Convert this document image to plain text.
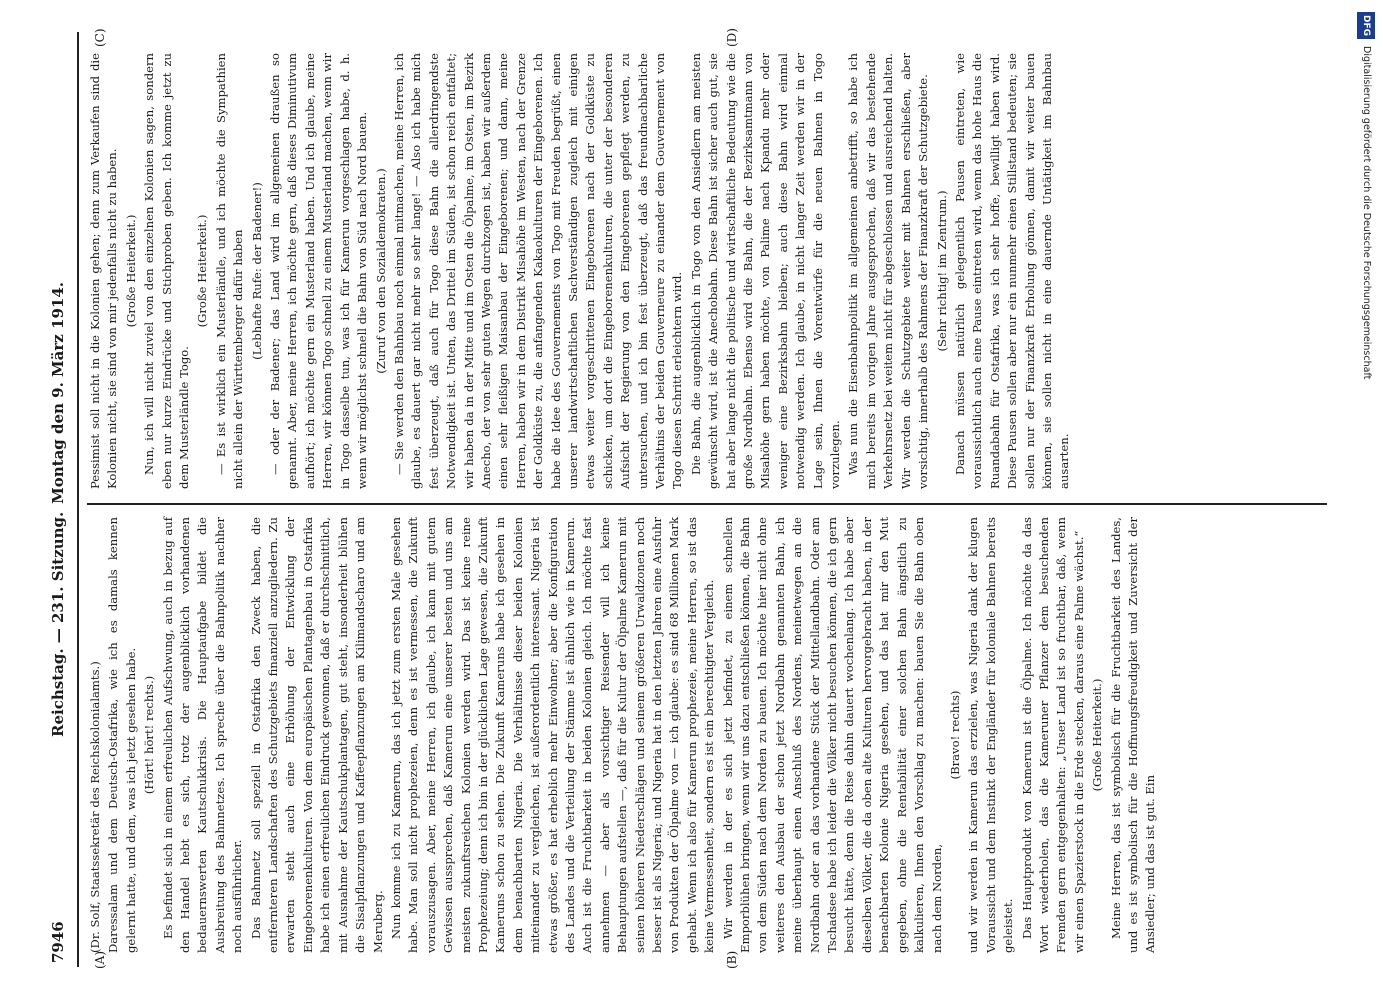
7946
Reichstag. — 231. Sitzung.
Montag den 9. März 1914.
(A)	(B)
(C)	(D)

(Dr. Solf, Staatssekretär des Reichskolonialamts.) Daressalam und dem Deutsch-Ostafrika, wie ich es damals kennen gelernt hatte, und dem, was ich jetzt gesehen habe. (Hört! hört! rechts.) Es befindet sich in einem erfreulichen Aufschwung, auch in bezug auf den Handel hebt es sich, trotz der augenblicklich vorhandenen bedauernswerten Kautschukkrisis. Die Hauptaufgabe bildet die Ausbreitung des Bahnnetzes. Ich spreche über die Bahnpolitik nachher noch ausführlicher. Das Bahnnetz soll speziell in Ostafrika den Zweck haben, die entfernteren Landschaften des Schutzgebiets finanziell anzugliedern. Zu erwarten steht auch eine Erhöhung der Entwicklung der Eingeborenenkulturen. Von dem europäischen Plantagenbau in Ostafrika habe ich einen erfreulichen Eindruck gewonnen, daß er durchschnittlich, mit Ausnahme der Kautschukplantagen, gut steht, insonderheit blühen die Sisalpflanzungen und Kaffeepflanzungen am Kilimandscharo und am Meruberg. Nun komme ich zu Kamerun, das ich jetzt zum ersten Male gesehen habe. Man soll nicht prophezeien, denn es ist vermessen, die Zukunft vorauszusagen. Aber, meine Herren, ich glaube, ich kann mit gutem Gewissen aussprechen, daß Kamerun eine unserer besten und uns am meisten zukunftsreichen Kolonien werden wird. Das ist keine reine Prophezeiung; denn ich bin in der glücklichen Lage gewesen, die Zukunft Kameruns schon zu sehen. Die Zukunft Kameruns habe ich gesehen in dem benachbarten Nigeria. Die Verhältnisse dieser beiden Kolonien miteinander zu vergleichen, ist außerordentlich interessant. Nigeria ist etwas größer, es hat erheblich mehr Einwohner; aber die Konfiguration des Landes und die Verteilung der Stämme ist ähnlich wie in Kamerun. Auch ist die Fruchtbarkeit in beiden Kolonien gleich. Ich möchte fast annehmen — aber als vorsichtiger Reisender will ich keine Behauptungen aufstellen —, daß für die Kultur der Ölpalme Kamerun mit seinen höheren Niederschlägen und seinem größeren Urwaldzonen noch besser ist als Nigeria; und Nigeria hat in den letzten Jahren eine Ausfuhr von Produkten der Ölpalme von — ich glaube: es sind 68 Millionen Mark gehabt. Wenn ich also für Kamerun prophezeie, meine Herren, so ist das keine Vermessenheit, sondern es ist ein berechtigter Vergleich. Wir werden in der es sich jetzt befindet, zu einem schnellen Emporblühen bringen, wenn wir uns dazu entschließen können, die Bahn von dem Süden nach dem Norden zu bauen. Ich möchte hier nicht ohne weiteres den Ausbau der schon jetzt Nordbahn genannten Bahn, ich meine überhaupt einen Anschluß des Nordens, meinetwegen an die Nordbahn oder an das vorhandene Stück der Mittellandbahn. Oder am Tschadsee habe ich leider die Völker nicht besuchen können, die ich gern besucht hätte, denn die Reise dahin dauert wochenlang. Ich habe aber dieselben Völker, die da oben alte Kulturen hervorgebracht haben, in der benachbarten Kolonie Nigeria gesehen, und das hat mir den Mut gegeben, ohne die Rentabilität einer solchen Bahn ängstlich zu kalkulieren, Ihnen den Vorschlag zu machen: bauen Sie die Bahn oben nach dem Norden,

(Bravo! rechts) und wir werden in Kamerun das erzielen, was Nigeria dank der klugen Voraussicht und dem Instinkt der Engländer für koloniale Bahnen bereits geleistet. Das Hauptprodukt von Kamerun ist die Ölpalme. Ich möchte da das Wort wiederholen, das die Kameruner Pflanzer dem besuchenden Fremden gern entgegenhalten: „Unser Land ist so fruchtbar, daß, wenn wir einen Spazierstock in die Erde stecken, daraus eine Palme wächst.“ (Große Heiterkeit.) Meine Herren, das ist symbolisch für die Fruchtbarkeit des Landes, und es ist symbolisch für die Hoffnungsfreudigkeit und Zuversicht der Ansiedler; und das ist gut. Ein

Pessimist soll nicht in die Kolonien gehen; denn zum Verkaufen sind die Kolonien nicht, sie sind von mir jedenfalls nicht zu haben. (Große Heiterkeit.) Nun, ich will nicht zuviel von den einzelnen Kolonien sagen, sondern eben nur kurze Eindrücke und Stichproben geben. Ich komme jetzt zu dem Musterländle Togo.

(Große Heiterkeit.) — Es ist wirklich ein Musterländle, und ich möchte die Sympathien nicht allein der Württemberger dafür haben (Lebhafte Rufe: der Badener!) — oder der Badener; das Land wird im allgemeinen draußen so genannt. Aber, meine Herren, ich möchte gern, daß dieses Diminutivum aufhört; ich möchte gern ein Musterland haben. Und ich glaube, meine Herren, wir können Togo schnell zu einem Musterland machen, wenn wir in Togo dasselbe tun, was ich für Kamerun vorgeschlagen habe, d. h. wenn wir möglichst schnell die Bahn von Süd nach Nord bauen. (Zuruf von den Sozialdemokraten.) — Sie werden den Bahnbau noch einmal mitmachen, meine Herren, ich glaube, es dauert gar nicht mehr so sehr lange! — Also ich habe mich fest überzeugt, daß auch für Togo diese Bahn die allerdringendste Notwendigkeit ist. Unten, das Drittel im Süden, ist schon reich entfaltet; wir haben da in der Mitte und im Osten die Ölpalme, im Osten, im Bezirk Anecho, der von sehr guten Wegen durchzogen ist, haben wir außerdem einen sehr fleißigen Maisanbau der Eingeborenen; und dann, meine Herren, haben wir in dem Distrikt Misahöhe im Westen, nach der Grenze der Goldküste zu, die anfangenden Kakaokulturen der Eingeborenen. Ich habe die Idee des Gouvernements von Togo mit Freuden begrüßt, einen unserer landwirtschaftlichen Sachverständigen zugleich mit einigen etwas weiter vorgeschrittenen Eingeborenen nach der Goldküste zu schicken, um dort die Eingeborenenkulturen, die unter der besonderen Aufsicht der Regierung von den Eingeborenen gepflegt werden, zu untersuchen, und ich bin fest überzeugt, daß das freundnachbarliche Verhältnis der beiden Gouverneure zu einander dem Gouvernement von Togo diesen Schritt erleichtern wird. Die Bahn, die augenblicklich in Togo von den Ansiedlern am meisten gewünscht wird, ist die Anechobahn. Diese Bahn ist sicher auch gut, sie hat aber lange nicht die politische und wirtschaftliche Bedeutung wie die große Nordbahn. Ebenso wird die Bahn, die der Bezirksamtmann von Misahöhe gern haben möchte, von Palime nach Kpandu mehr oder weniger eine Bezirksbahn bleiben; auch diese Bahn wird einmal notwendig werden. Ich glaube, in nicht langer Zeit werden wir in der Lage sein, Ihnen die Vorentwürfe für die neuen Bahnen in Togo vorzulegen. Was nun die Eisenbahnpolitik im allgemeinen anbetrifft, so habe ich mich bereits im vorigen Jahre ausgesprochen, daß wir das bestehende Verkehrsnetz bei weitem nicht für abgeschlossen und ausreichend halten. Wir werden die Schutzgebiete weiter mit Bahnen erschließen, aber vorsichtig, innerhalb des Rahmens der Finanzkraft der Schutzgebiete. (Sehr richtig! im Zentrum.) Danach müssen natürlich gelegentlich Pausen eintreten, wie voraussichtlich auch eine Pause eintreten wird, wenn das hohe Haus die Ruandabahn für Ostafrika, was ich sehr hoffe, bewilligt haben wird. Diese Pausen sollen aber nur ein nunmehr einen Stillstand bedeuten; sie sollen nur der Finanzkraft Erholung gönnen, damit wir weiter bauen können, sie sollen nicht in eine dauernde Untätigkeit im Bahnbau ausarten.

DFG Digitalisierung gefördert durch die Deutsche Forschungsgemeinschaft
